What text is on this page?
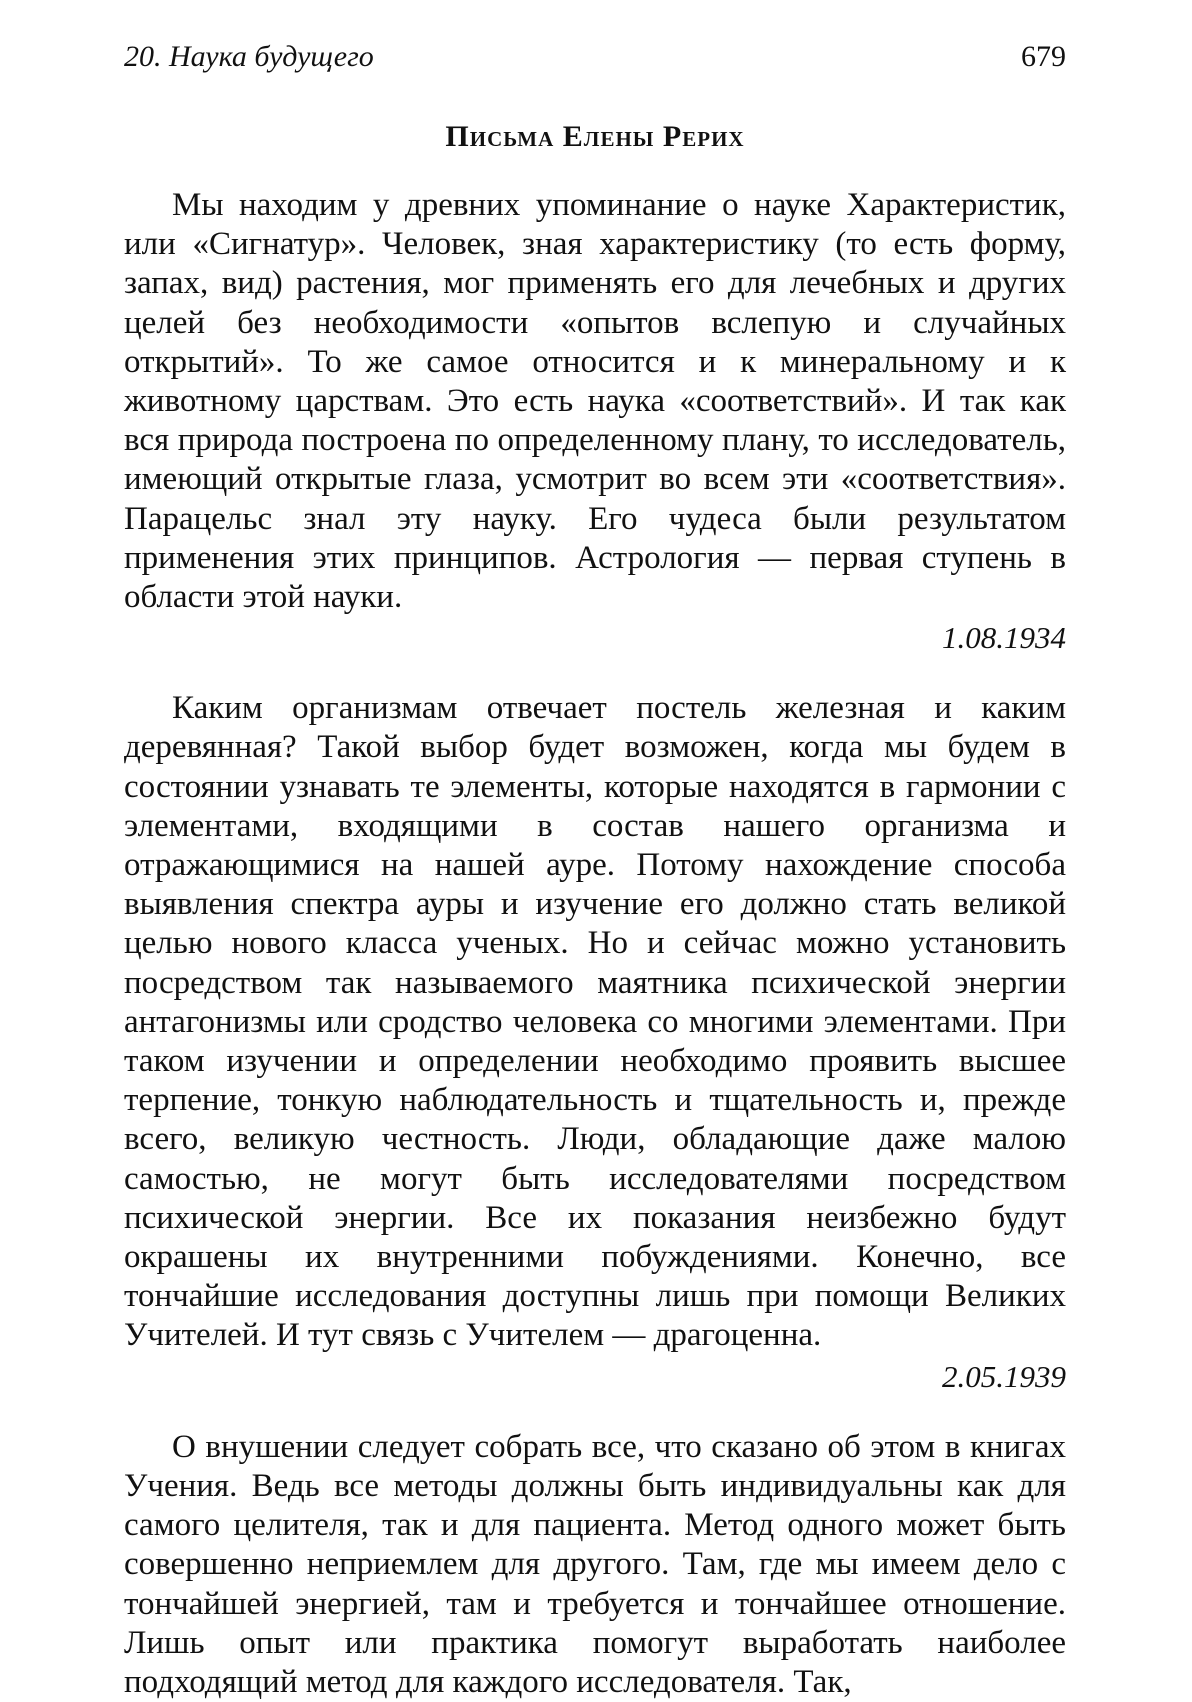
20. Наука будущего	679
Письма Елены Рерих

Мы находим у древних упоминание о науке Характеристик, или «Сигнатур». Человек, зная характеристику (то есть форму, запах, вид) растения, мог применять его для лечебных и других целей без необходимости «опытов вслепую и случайных открытий». То же самое относится и к минеральному и к животному царствам. Это есть наука «соответствий». И так как вся природа построена по определенному плану, то исследователь, имеющий открытые глаза, усмотрит во всем эти «соответствия». Парацельс знал эту науку. Его чудеса были результатом применения этих принципов. Астрология — первая ступень в области этой науки.

1.08.1934

Каким организмам отвечает постель железная и каким деревянная? Такой выбор будет возможен, когда мы будем в состоянии узнавать те элементы, которые находятся в гармонии с элементами, входящими в состав нашего организма и отражающимися на нашей ауре. Потому нахождение способа выявления спектра ауры и изучение его должно стать великой целью нового класса ученых. Но и сейчас можно установить посредством так называемого маятника психической энергии антагонизмы или сродство человека со многими элементами. При таком изучении и определении необходимо проявить высшее терпение, тонкую наблюдательность и тщательность и, прежде всего, великую честность. Люди, обладающие даже малою самостью, не могут быть исследователями посредством психической энергии. Все их показания неизбежно будут окрашены их внутренними побуждениями. Конечно, все тончайшие исследования доступны лишь при помощи Великих Учителей. И тут связь с Учителем — драгоценна.

2.05.1939

О внушении следует собрать все, что сказано об этом в книгах Учения. Ведь все методы должны быть индивидуальны как для самого целителя, так и для пациента. Метод одного может быть совершенно неприемлем для другого. Там, где мы имеем дело с тончайшей энергией, там и требуется и тончайшее отношение. Лишь опыт или практика помогут выработать наиболее подходящий метод для каждого исследователя. Так,
